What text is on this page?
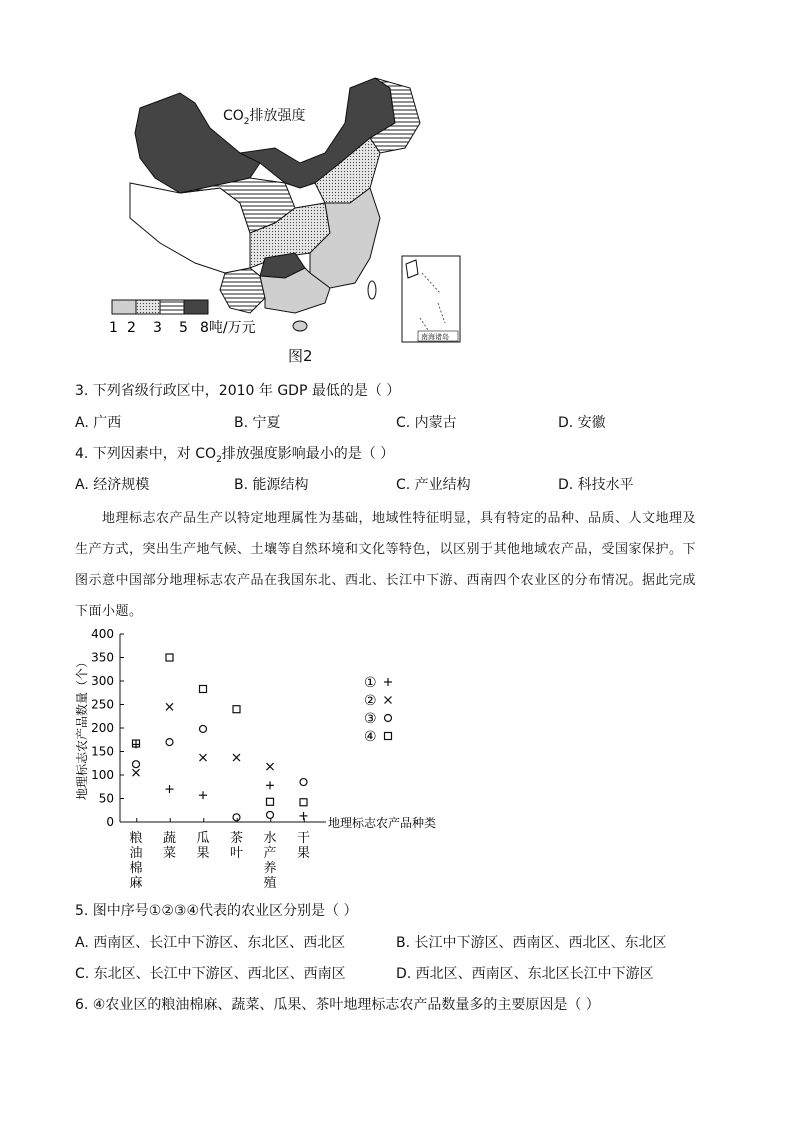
$CO_2$排放强度
南海诸岛
1 2 3 5 8吨/万元
图2
3. 下列省级行政区中，2010 年 GDP 最低的是（ ）
A. 广西	B. 宁夏	C. 内蒙古	D. 安徽
4. 下列因素中，对 $CO_2$排放强度影响最小的是（ ）
A. 经济规模	B. 能源结构	C. 产业结构	D. 科技水平
地理标志农产品生产以特定地理属性为基础，地域性特征明显，具有特定的品种、品质、人文地理及
生产方式，突出生产地气候、土壤等自然环境和文化等特色，以区别于其他地域农产品，受国家保护。下
图示意中国部分地理标志农产品在我国东北、西北、长江中下游、西南四个农业区的分布情况。据此完成
下面小题。
0
50
100
150
200
250
300
350
400
粮
油
棉
麻
蔬
菜
瓜
果
茶
叶
水
产
养
殖
干
果
地理标志农产品数量（个）
地理标志农产品种类
①
②
③
④
5. 图中序号①②③④代表的农业区分别是（ ）
A. 西南区、长江中下游区、东北区、西北区	B. 长江中下游区、西南区、西北区、东北区
C. 东北区、长江中下游区、西北区、西南区	D. 西北区、西南区、东北区长江中下游区
6. ④农业区的粮油棉麻、蔬菜、瓜果、茶叶地理标志农产品数量多的主要原因是（ ）
